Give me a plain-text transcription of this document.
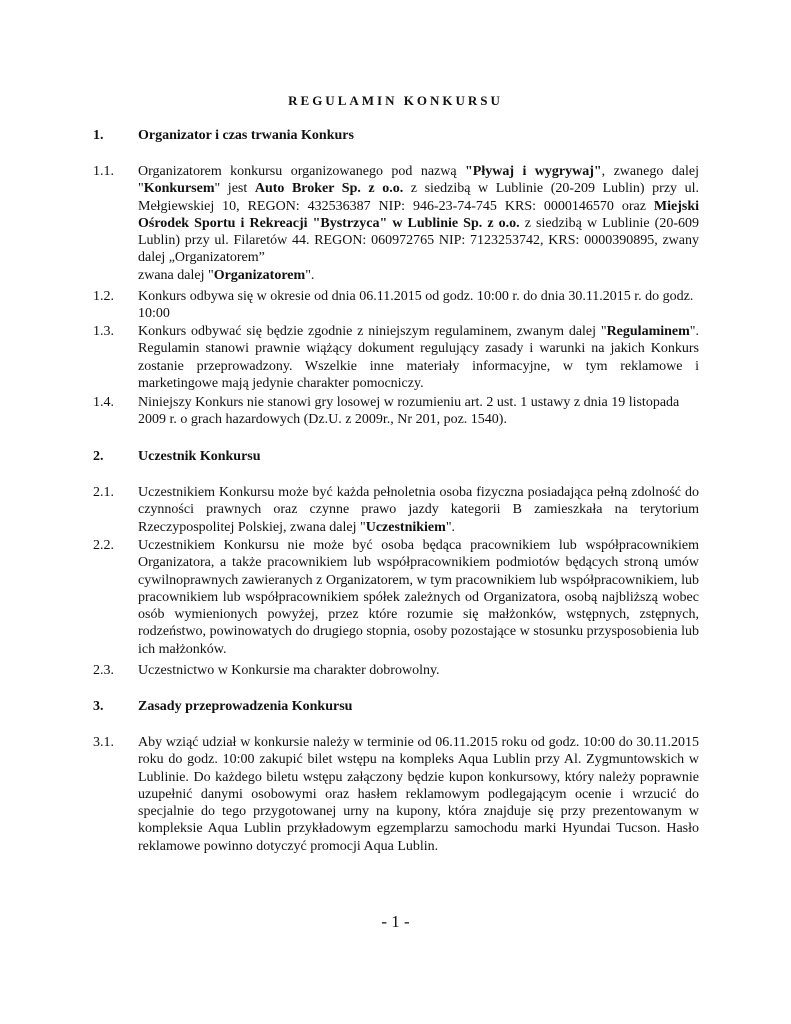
REGULAMIN KONKURSU
1. Organizator i czas trwania Konkurs
1.1. Organizatorem konkursu organizowanego pod nazwą "Pływaj i wygrywaj", zwanego dalej "Konkursem" jest Auto Broker Sp. z o.o. z siedzibą w Lublinie (20-209 Lublin) przy ul. Mełgiewskiej 10, REGON: 432536387 NIP: 946-23-74-745 KRS: 0000146570 oraz Miejski Ośrodek Sportu i Rekreacji "Bystrzyca" w Lublinie Sp. z o.o. z siedzibą w Lublinie (20-609 Lublin) przy ul. Filaretów 44. REGON: 060972765 NIP: 7123253742, KRS: 0000390895, zwany dalej „Organizatorem”
zwana dalej "Organizatorem".
1.2. Konkurs odbywa się w okresie od dnia 06.11.2015 od godz. 10:00 r. do dnia 30.11.2015 r. do godz. 10:00
1.3. Konkurs odbywać się będzie zgodnie z niniejszym regulaminem, zwanym dalej "Regulaminem". Regulamin stanowi prawnie wiążący dokument regulujący zasady i warunki na jakich Konkurs zostanie przeprowadzony. Wszelkie inne materiały informacyjne, w tym reklamowe i marketingowe mają jedynie charakter pomocniczy.
1.4. Niniejszy Konkurs nie stanowi gry losowej w rozumieniu art. 2 ust. 1 ustawy z dnia 19 listopada 2009 r. o grach hazardowych (Dz.U. z 2009r., Nr 201, poz. 1540).
2. Uczestnik Konkursu
2.1. Uczestnikiem Konkursu może być każda pełnoletnia osoba fizyczna posiadająca pełną zdolność do czynności prawnych oraz czynne prawo jazdy kategorii B zamieszkała na terytorium Rzeczypospolitej Polskiej, zwana dalej "Uczestnikiem".
2.2. Uczestnikiem Konkursu nie może być osoba będąca pracownikiem lub współpracownikiem Organizatora, a także pracownikiem lub współpracownikiem podmiotów będących stroną umów cywilnoprawnych zawieranych z Organizatorem, w tym pracownikiem lub współpracownikiem, lub pracownikiem lub współpracownikiem spółek zależnych od Organizatora, osobą najbliższą wobec osób wymienionych powyżej, przez które rozumie się małżonków, wstępnych, zstępnych, rodzeństwo, powinowatych do drugiego stopnia, osoby pozostające w stosunku przysposobienia lub ich małżonków.
2.3. Uczestnictwo w Konkursie ma charakter dobrowolny.
3. Zasady przeprowadzenia Konkursu
3.1. Aby wziąć udział w konkursie należy w terminie od 06.11.2015 roku od godz. 10:00 do 30.11.2015 roku do godz. 10:00 zakupić bilet wstępu na kompleks Aqua Lublin przy Al. Zygmuntowskich w Lublinie. Do każdego biletu wstępu załączony będzie kupon konkursowy, który należy poprawnie uzupełnić danymi osobowymi oraz hasłem reklamowym podlegającym ocenie i wrzucić do specjalnie do tego przygotowanej urny na kupony, która znajduje się przy prezentowanym w kompleksie Aqua Lublin przykładowym egzemplarzu samochodu marki Hyundai Tucson. Hasło reklamowe powinno dotyczyć promocji Aqua Lublin.
- 1 -
